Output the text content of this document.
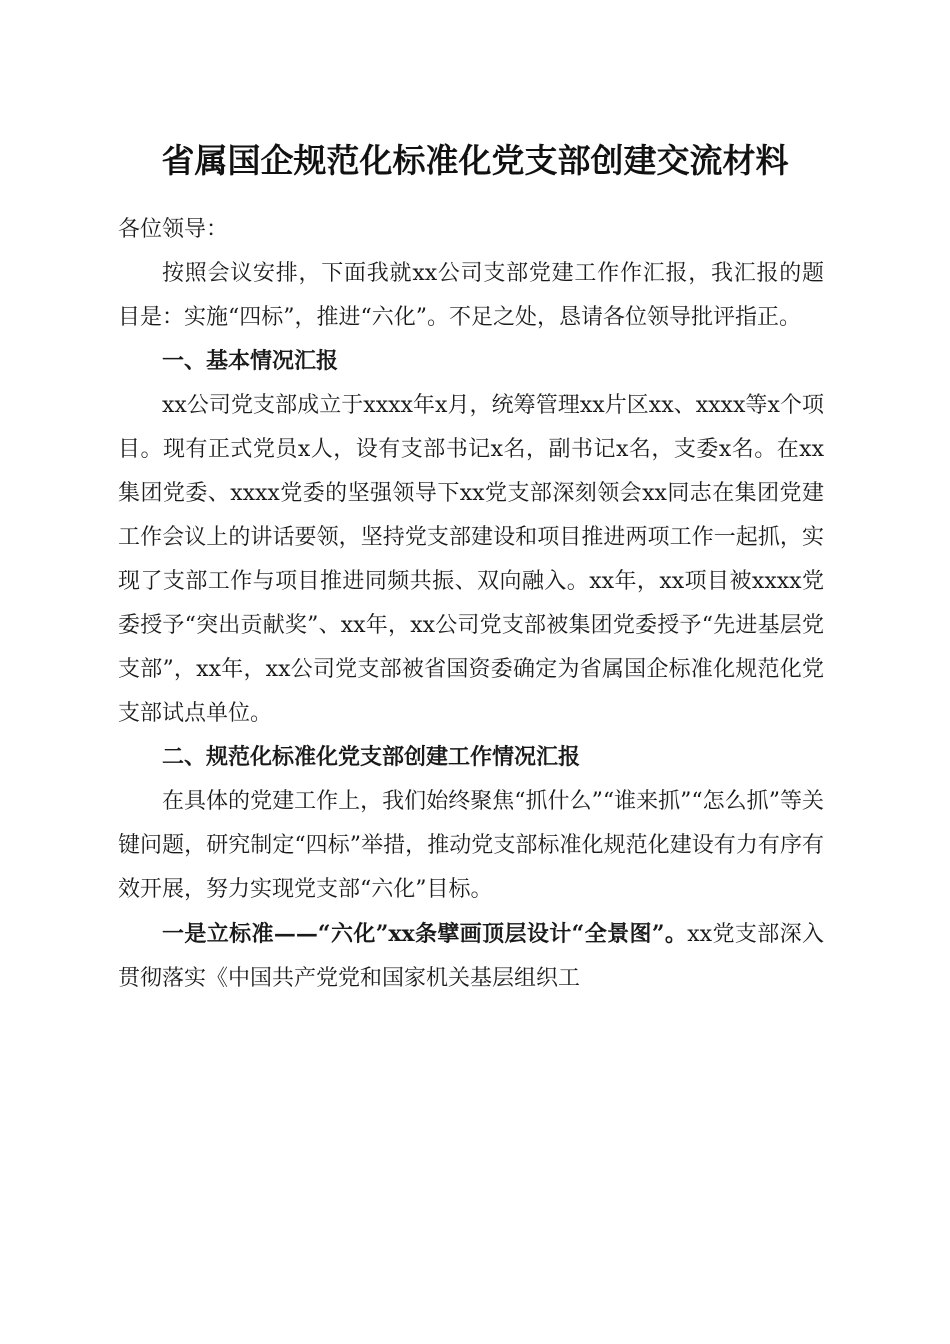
省属国企规范化标准化党支部创建交流材料

各位领导：

按照会议安排，下面我就xx公司支部党建工作作汇报，我汇报的题目是：实施“四标”，推进“六化”。不足之处，恳请各位领导批评指正。

一、基本情况汇报

xx公司党支部成立于xxxx年x月，统筹管理xx片区xx、xxxx等x个项目。现有正式党员x人，设有支部书记x名，副书记x名，支委x名。在xx集团党委、xxxx党委的坚强领导下xx党支部深刻领会xx同志在集团党建工作会议上的讲话要领，坚持党支部建设和项目推进两项工作一起抓，实现了支部工作与项目推进同频共振、双向融入。xx年，xx项目被xxxx党委授予“突出贡献奖”、xx年，xx公司党支部被集团党委授予“先进基层党支部”，xx年，xx公司党支部被省国资委确定为省属国企标准化规范化党支部试点单位。

二、规范化标准化党支部创建工作情况汇报

在具体的党建工作上，我们始终聚焦“抓什么”“谁来抓”“怎么抓”等关键问题，研究制定“四标”举措，推动党支部标准化规范化建设有力有序有效开展，努力实现党支部“六化”目标。

一是立标准——“六化”xx条擘画顶层设计“全景图”。xx党支部深入贯彻落实《中国共产党党和国家机关基层组织工
